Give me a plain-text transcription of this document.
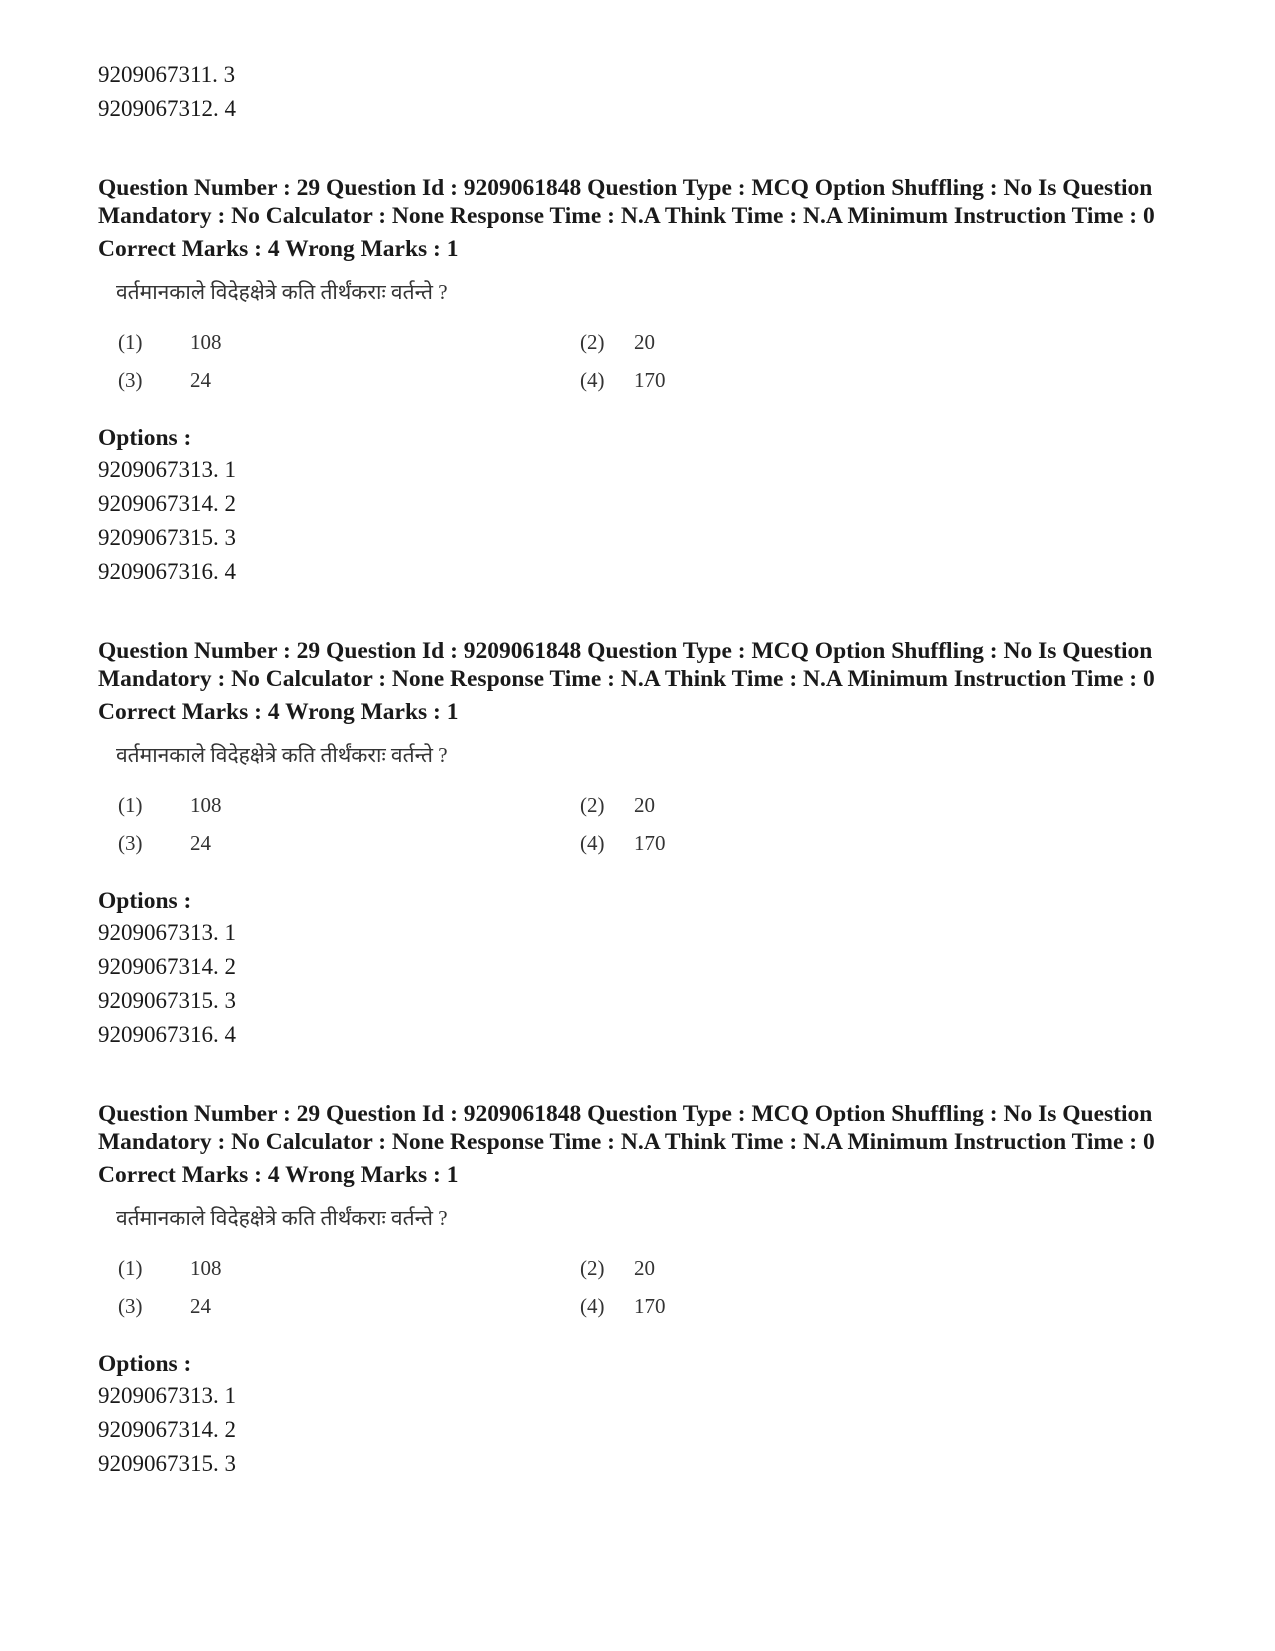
9209067311. 3
9209067312. 4
Question Number : 29 Question Id : 9209061848 Question Type : MCQ Option Shuffling : No Is Question Mandatory : No Calculator : None Response Time : N.A Think Time : N.A Minimum Instruction Time : 0
Correct Marks : 4 Wrong Marks : 1
वर्तमानकाले विदेहक्षेत्रे कति तीर्थंकराः वर्तन्ते ?
(1) 108	(2) 20
(3) 24	(4) 170
Options :
9209067313. 1
9209067314. 2
9209067315. 3
9209067316. 4
Question Number : 29 Question Id : 9209061848 Question Type : MCQ Option Shuffling : No Is Question Mandatory : No Calculator : None Response Time : N.A Think Time : N.A Minimum Instruction Time : 0
Correct Marks : 4 Wrong Marks : 1
वर्तमानकाले विदेहक्षेत्रे कति तीर्थंकराः वर्तन्ते ?
(1) 108	(2) 20
(3) 24	(4) 170
Options :
9209067313. 1
9209067314. 2
9209067315. 3
9209067316. 4
Question Number : 29 Question Id : 9209061848 Question Type : MCQ Option Shuffling : No Is Question Mandatory : No Calculator : None Response Time : N.A Think Time : N.A Minimum Instruction Time : 0
Correct Marks : 4 Wrong Marks : 1
वर्तमानकाले विदेहक्षेत्रे कति तीर्थंकराः वर्तन्ते ?
(1) 108	(2) 20
(3) 24	(4) 170
Options :
9209067313. 1
9209067314. 2
9209067315. 3
